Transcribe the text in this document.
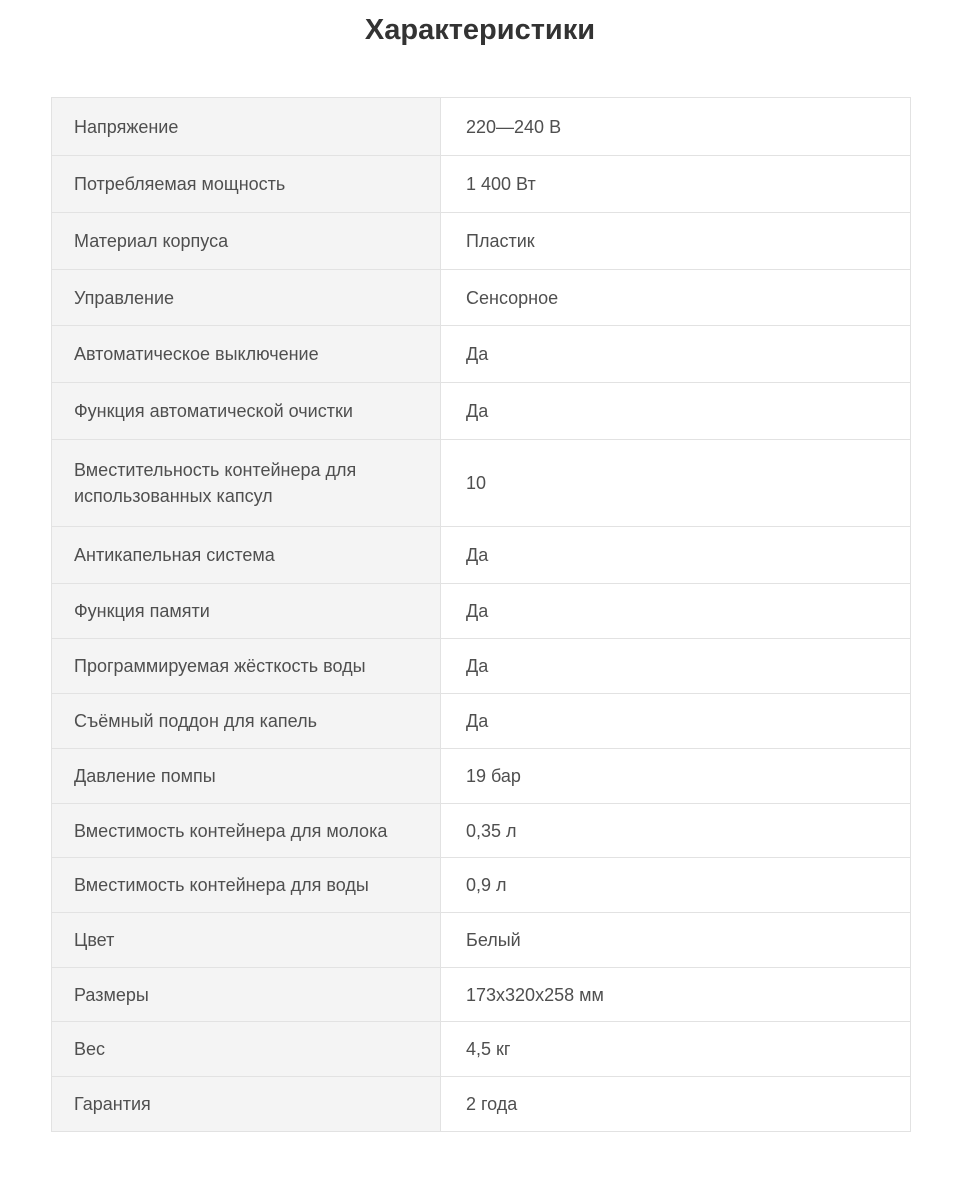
Характеристики
Напряжение	220—240 В
Потребляемая мощность	1 400 Вт
Материал корпуса	Пластик
Управление	Сенсорное
Автоматическое выключение	Да
Функция автоматической очистки	Да
Вместительность контейнера для использованных капсул	10
Антикапельная система	Да
Функция памяти	Да
Программируемая жёсткость воды	Да
Съёмный поддон для капель	Да
Давление помпы	19 бар
Вместимость контейнера для молока	0,35 л
Вместимость контейнера для воды	0,9 л
Цвет	Белый
Размеры	173x320x258 мм
Вес	4,5 кг
Гарантия	2 года
